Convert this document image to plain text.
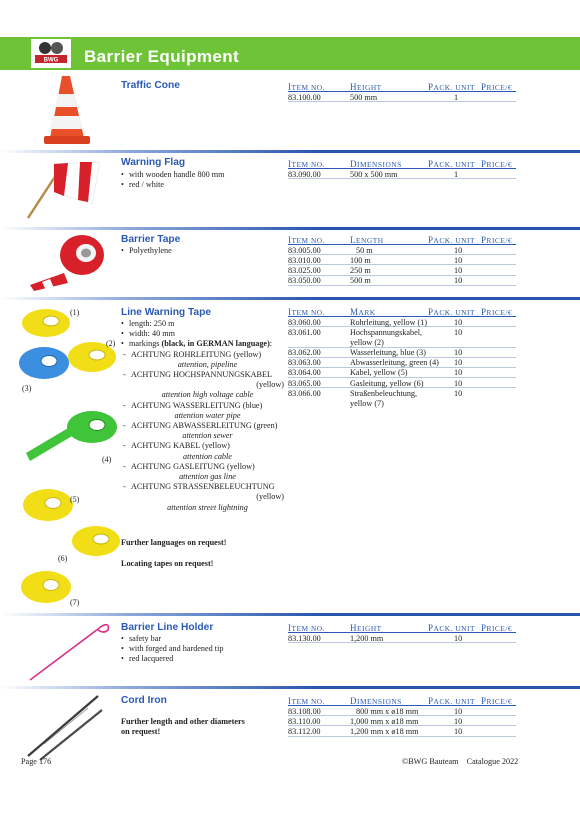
BWG Barrier Equipment
Traffic Cone	ITEM NO.	HEIGHT	PACK. UNIT PRICE/€
83.100.00	500 mm	1
Warning Flag
• with wooden handle 800 mm
• red / white
ITEM NO.	DIMENSIONS	PACK. UNIT PRICE/€
83.090.00	500 x 500 mm	1
Barrier Tape
• Polyethylene
ITEM NO.	LENGTH	PACK. UNIT PRICE/€
83.005.00	50 m	10
83.010.00	100 m	10
83.025.00	250 m	10
83.050.00	500 m	10
(1)
(2)
(3)
(4)
(5)
(6)
(7)
Line Warning Tape
• length: 250 m
• width: 40 mm
• markings (black, in GERMAN language):
- ACHTUNG ROHRLEITUNG (yellow)
attention, pipeline
- ACHTUNG HOCHSPANNUNGSKABEL
(yellow)
attention high voltage cable
- ACHTUNG WASSERLEITUNG (blue)
attention water pipe
- ACHTUNG ABWASSERLEITUNG (green)
attention sewer
- ACHTUNG KABEL (yellow)
attention cable
- ACHTUNG GASLEITUNG (yellow)
attention gas line
- ACHTUNG STRASSENBELEUCHTUNG
(yellow)
attention street lightning
Further languages on request!
Locating tapes on request!
ITEM NO.	MARK	PACK. UNIT PRICE/€
83.060.00	Rohrleitung, yellow (1)	10
83.061.00	Hochspannungskabel, yellow (2)
10
83.062.00	Wasserleitung, blue (3)	10
83.063.00	Abwasserleitung, green (4) 10
83.064.00	Kabel, yellow (5)	10
83.065.00	Gasleitung, yellow (6)	10
83.066.00	Straßenbeleuchtung, yellow (7)
10
Barrier Line Holder
• safety bar
• with forged and hardened tip
• red lacquered
ITEM NO.	HEIGHT	PACK. UNIT PRICE/€
83.130.00	1,200 mm	10
Cord Iron
Further length and other diameters on request!
ITEM NO.	DIMENSIONS	PACK. UNIT PRICE/€
83.108.00	800 mm x ø18 mm	10
83.110.00	1,000 mm x ø18 mm	10
83.112.00	1,200 mm x ø18 mm	10
Page 176	©BWG Bauteam    Catalogue 2022
